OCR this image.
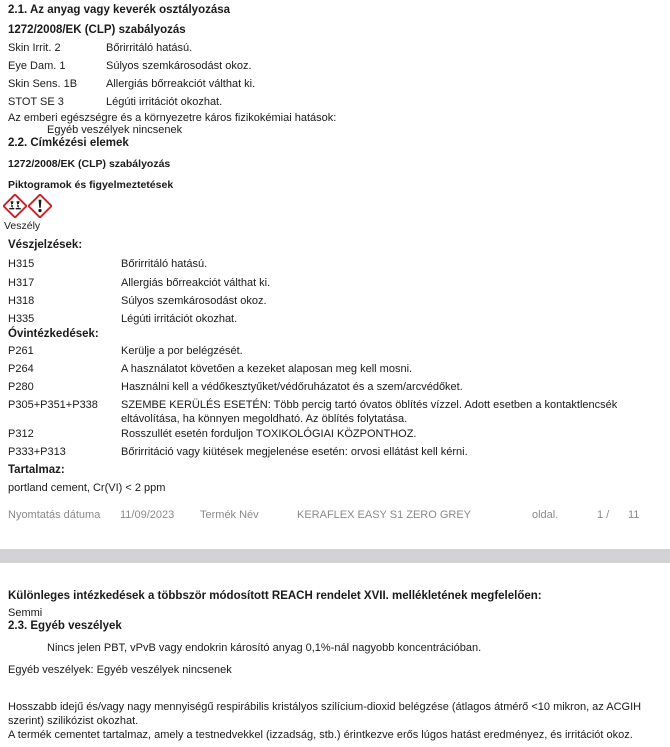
2.1. Az anyag vagy keverék osztályozása
1272/2008/EK (CLP) szabályozás
Skin Irrit. 2	Bőrirritáló hatású.
Eye Dam. 1	Súlyos szemkárosodást okoz.
Skin Sens. 1B	Allergiás bőrreakciót válthat ki.
STOT SE 3	Légúti irritációt okozhat.
Az emberi egészségre és a környezetre káros fizikokémiai hatások:
Egyéb veszélyek nincsenek
2.2. Címkézési elemek
1272/2008/EK (CLP) szabályozás
Piktogramok és figyelmeztetések

Veszély
Vészjelzések:
H315	Bőrirritáló hatású.
H317	Allergiás bőrreakciót válthat ki.
H318	Súlyos szemkárosodást okoz.
H335	Légúti irritációt okozhat.
Óvintézkedések:
P261	Kerülje a por belégzését.
P264	A használatot követően a kezeket alaposan meg kell mosni.
P280	Használni kell a védőkesztyűket/védőruházatot és a szem/arcvédőket.
P305+P351+P338 SZEMBE KERÜLÉS ESETÉN: Több percig tartó óvatos öblítés vízzel. Adott esetben a kontaktlencsék eltávolítása, ha könnyen megoldható. Az öblítés folytatása.
P312	Rosszullét esetén forduljon TOXIKOLÓGIAI KÖZPONTHOZ.
P333+P313	Bőrirritáció vagy kiütések megjelenése esetén: orvosi ellátást kell kérni.
Tartalmaz:
portland cement, Cr(VI) < 2 ppm
Nyomtatás dátuma 11/09/2023 Termék Név	KERAFLEX EASY S1 ZERO GREY	oldal.	1 / 11
Különleges intézkedések a többször módosított REACH rendelet XVII. mellékletének megfelelően:
Semmi
2.3. Egyéb veszélyek
Nincs jelen PBT, vPvB vagy endokrin károsító anyag 0,1%-nál nagyobb koncentrációban.
Egyéb veszélyek: Egyéb veszélyek nincsenek
Hosszabb idejű és/vagy nagy mennyiségű respirábilis kristályos szilícium-dioxid belégzése (átlagos átmérő <10 mikron, az ACGIH szerint) szilikózist okozhat.
A termék cementet tartalmaz, amely a testnedvekkel (izzadság, stb.) érintkezve erős lúgos hatást eredményez, és irritációt okoz.
